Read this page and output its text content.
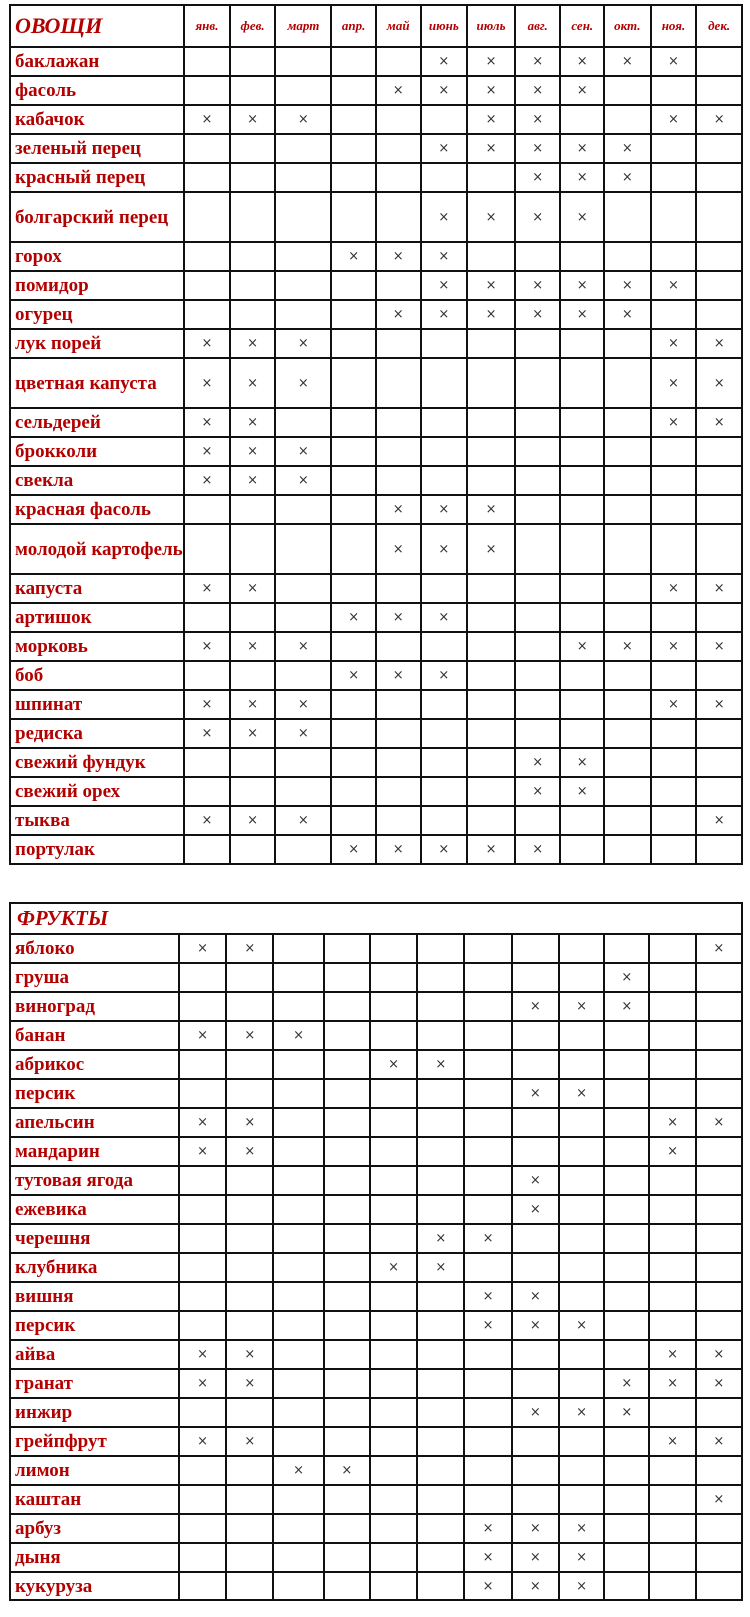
ОВОЩИ	янв.	фев.	март	апр.	май	июнь	июль	авг.	сен.	окт.	ноя.	дек.
баклажан						×	×	×	×	×	×	
фасоль					×	×	×	×	×			
кабачок	×	×	×				×	×			×	×
зеленый перец						×	×	×	×	×		
красный перец								×	×	×		
болгарский перец						×	×	×	×			
горох				×	×	×						
помидор						×	×	×	×	×	×	
огурец					×	×	×	×	×	×		
лук порей	×	×	×								×	×
цветная капуста	×	×	×								×	×
сельдерей	×	×									×	×
брокколи	×	×	×									
свекла	×	×	×									
красная фасоль					×	×	×					
молодой картофель					×	×	×					
капуста	×	×									×	×
артишок				×	×	×						
морковь	×	×	×						×	×	×	×
боб				×	×	×						
шпинат	×	×	×								×	×
редиска	×	×	×									
свежий фундук								×	×			
свежий орех								×	×			
тыква	×	×	×									×
портулак				×	×	×	×	×				
ФРУКТЫ
яблоко	×	×										×
груша										×		
виноград								×	×	×		
банан	×	×	×									
абрикос					×	×						
персик								×	×			
апельсин	×	×									×	×
мандарин	×	×									×	
тутовая ягода								×				
ежевика								×				
черешня						×	×					
клубника					×	×						
вишня							×	×				
персик							×	×	×			
айва	×	×									×	×
гранат	×	×								×	×	×
инжир								×	×	×		
грейпфрут	×	×									×	×
лимон			×	×								
каштан												×
арбуз							×	×	×			
дыня							×	×	×			
кукуруза							×	×	×			
